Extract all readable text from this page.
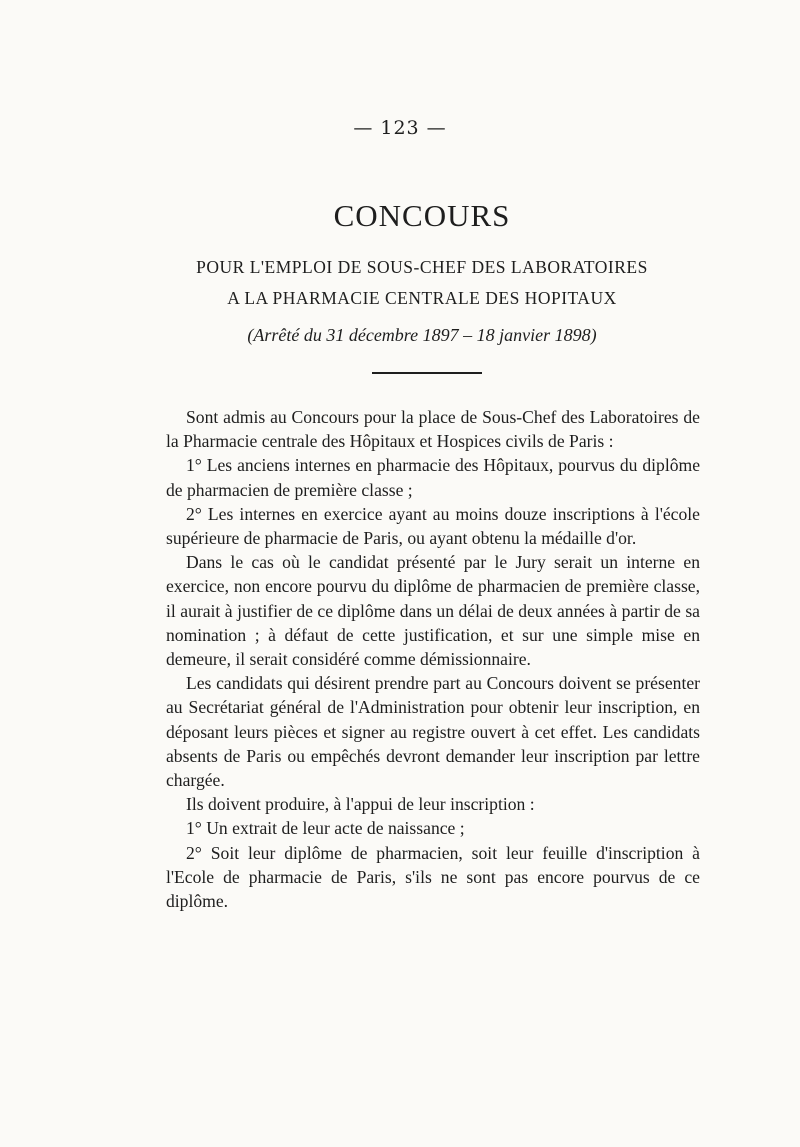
— 123 —
CONCOURS
POUR L'EMPLOI DE SOUS-CHEF DES LABORATOIRES
A LA PHARMACIE CENTRALE DES HOPITAUX
(Arrêté du 31 décembre 1897 – 18 janvier 1898)

Sont admis au Concours pour la place de Sous-Chef des Laboratoires de la Pharmacie centrale des Hôpitaux et Hospices civils de Paris :

1° Les anciens internes en pharmacie des Hôpitaux, pourvus du diplôme de pharmacien de première classe ;

2° Les internes en exercice ayant au moins douze inscriptions à l'école supérieure de pharmacie de Paris, ou ayant obtenu la médaille d'or.

Dans le cas où le candidat présenté par le Jury serait un interne en exercice, non encore pourvu du diplôme de pharmacien de première classe, il aurait à justifier de ce diplôme dans un délai de deux années à partir de sa nomination ; à défaut de cette justification, et sur une simple mise en demeure, il serait considéré comme démissionnaire.

Les candidats qui désirent prendre part au Concours doivent se présenter au Secrétariat général de l'Administration pour obtenir leur inscription, en déposant leurs pièces et signer au registre ouvert à cet effet. Les candidats absents de Paris ou empêchés devront demander leur inscription par lettre chargée.

Ils doivent produire, à l'appui de leur inscription :

1° Un extrait de leur acte de naissance ;

2° Soit leur diplôme de pharmacien, soit leur feuille d'inscription à l'Ecole de pharmacie de Paris, s'ils ne sont pas encore pourvus de ce diplôme.
